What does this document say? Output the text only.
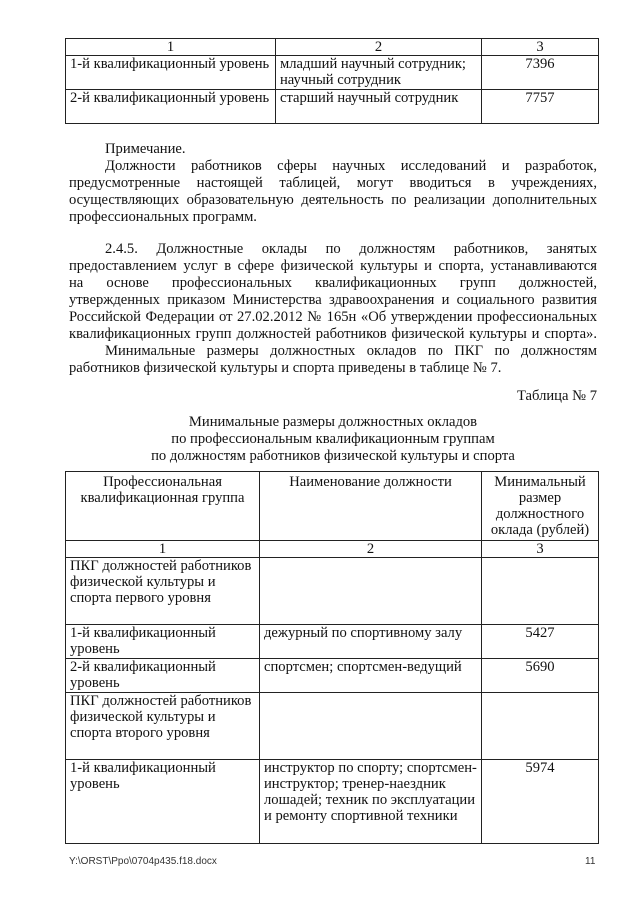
1	2	3
1-й квалификационный уровень	младший научный сотрудник; научный сотрудник	7396
2-й квалификационный уровень	старший научный сотрудник	7757
Примечание.
Должности работников сферы научных исследований и разработок,
предусмотренные настоящей таблицей, могут вводиться в учреждениях,
осуществляющих образовательную деятельность по реализации дополнительных
профессиональных программ.
2.4.5. Должностные оклады по должностям работников, занятых
предоставлением услуг в сфере физической культуры и спорта, устанавливаются
на основе профессиональных квалификационных групп должностей,
утвержденных приказом Министерства здравоохранения и социального развития
Российской Федерации от 27.02.2012 № 165н «Об утверждении профессиональных
квалификационных групп должностей работников физической культуры и спорта».
Минимальные размеры должностных окладов по ПКГ по должностям
работников физической культуры и спорта приведены в таблице № 7.
Таблица № 7
Минимальные размеры должностных окладов
по профессиональным квалификационным группам
по должностям работников физической культуры и спорта
Профессиональная квалификационная группа	Наименование должности	Минимальный размер должностного оклада (рублей)
1	2	3
ПКГ должностей работников физической культуры и спорта первого уровня		
1-й квалификационный уровень	дежурный по спортивному залу	5427
2-й квалификационный уровень	спортсмен; спортсмен-ведущий	5690
ПКГ должностей работников физической культуры и спорта второго уровня		
1-й квалификационный уровень	инструктор по спорту; спортсмен-инструктор; тренер-наездник лошадей; техник по эксплуатации и ремонту спортивной техники	5974
Y:\ORST\Ppo\0704p435.f18.docx	11
